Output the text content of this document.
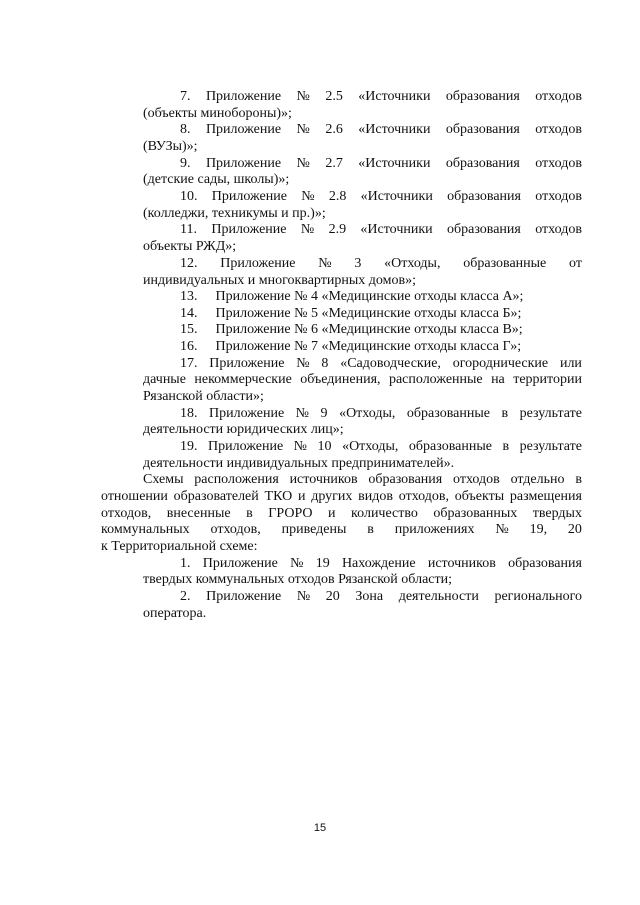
7. Приложение № 2.5 «Источники образования отходов
(объекты минобороны)»;
8. Приложение № 2.6 «Источники образования отходов
(ВУЗы)»;
9. Приложение № 2.7 «Источники образования отходов
(детские сады, школы)»;
10. Приложение № 2.8 «Источники образования отходов
(колледжи, техникумы и пр.)»;
11. Приложение № 2.9 «Источники образования отходов
объекты РЖД»;
12. Приложение № 3 «Отходы, образованные от
индивидуальных и многоквартирных домов»;
13. Приложение № 4 «Медицинские отходы класса А»;
14. Приложение № 5 «Медицинские отходы класса Б»;
15. Приложение № 6 «Медицинские отходы класса В»;
16. Приложение № 7 «Медицинские отходы класса Г»;
17. Приложение № 8 «Садоводческие, огороднические или
дачные некоммерческие объединения, расположенные на территории
Рязанской области»;
18. Приложение № 9 «Отходы, образованные в результате
деятельности юридических лиц»;
19. Приложение № 10 «Отходы, образованные в результате
деятельности индивидуальных предпринимателей».
Схемы расположения источников образования отходов отдельно в
отношении образователей ТКО и других видов отходов, объекты размещения
отходов, внесенные в ГРОРО и количество образованных твердых
коммунальных отходов, приведены в приложениях № 19, 20
к Территориальной схеме:
1. Приложение № 19 Нахождение источников образования
твердых коммунальных отходов Рязанской области;
2. Приложение № 20 Зона деятельности регионального
оператора.
15
